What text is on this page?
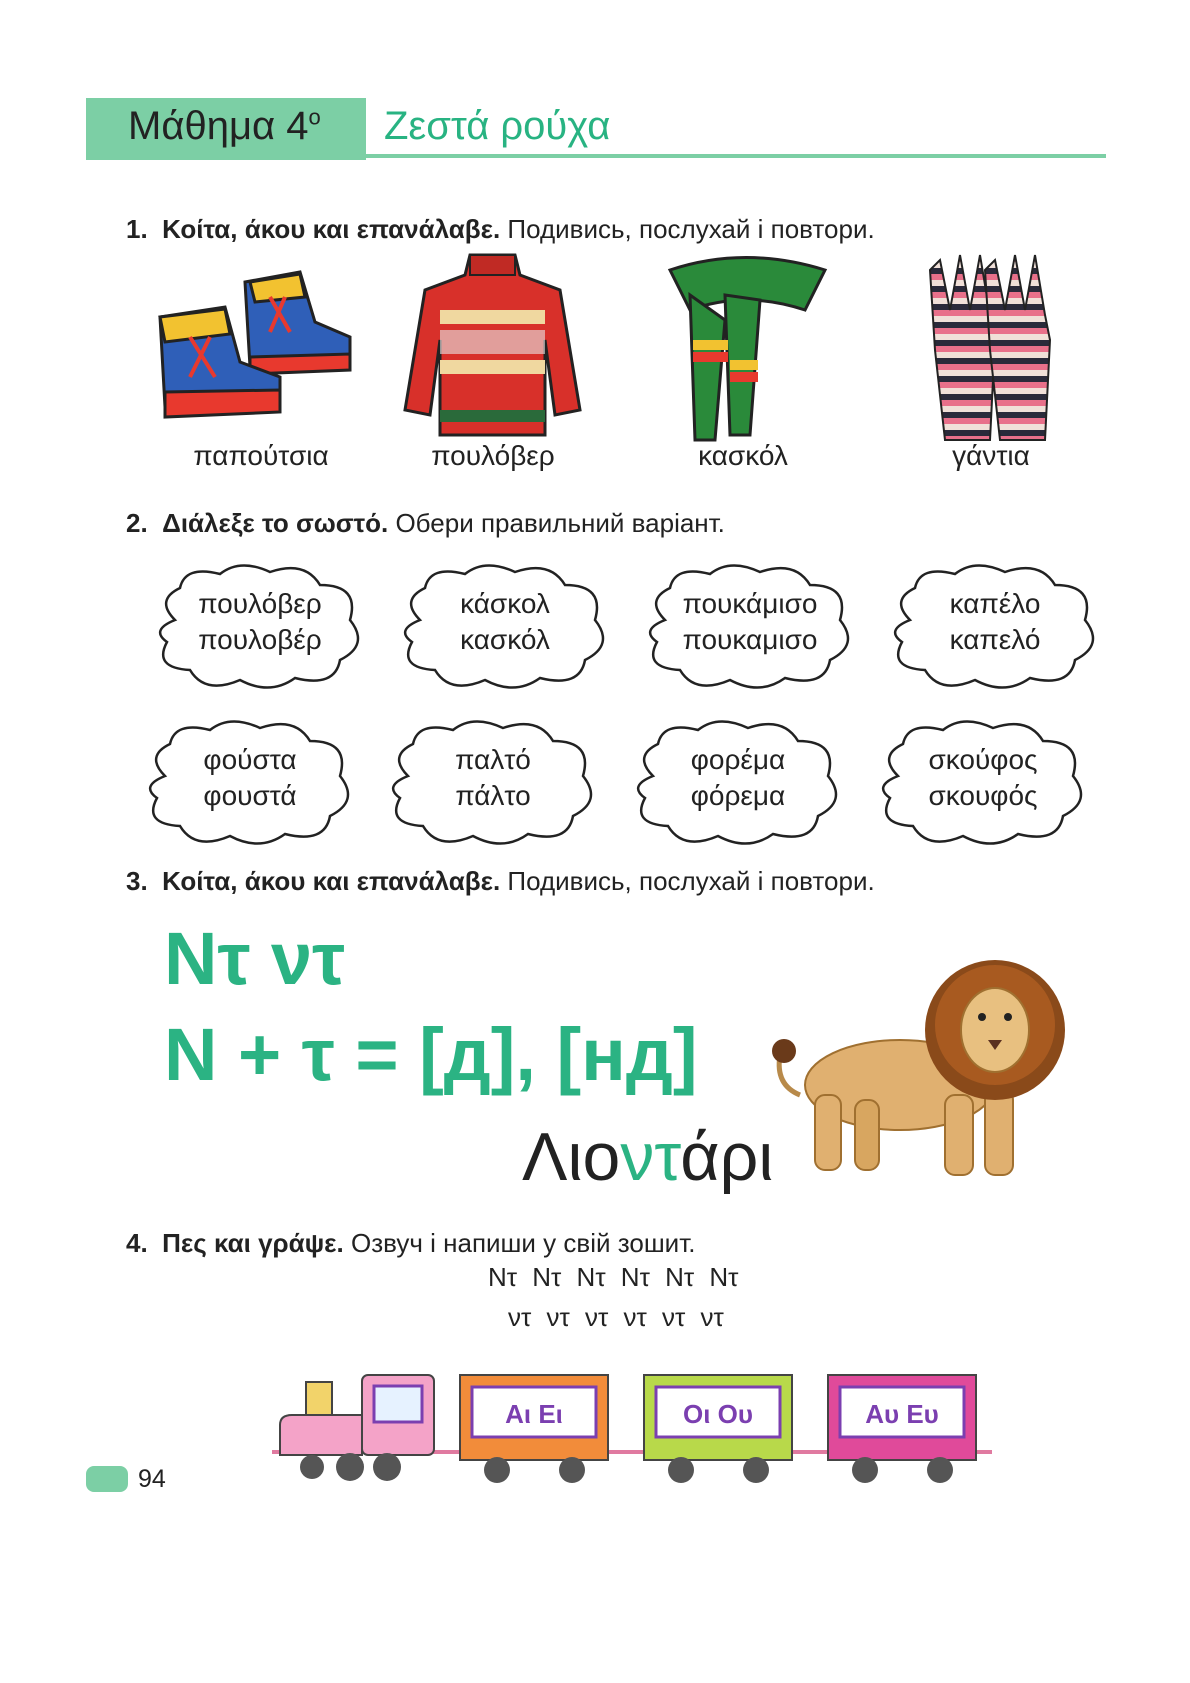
Μάθημα $4^o$ Ζεστά ρούχα
1. Κοίτα, άκου και επανάλαβε. Подивись, послухай і повтори.
παπούτσια	πουλόβερ	κασκόλ	γάντια
2. Διάλεξε το σωστό. Обери правильний варіант.
πουλόβερ
πουλοβέρ
κάσκολ
κασκόλ
πουκάμισο
πουκαμισο
καπέλο
καπελό
φούστα
φουστά
παλτό
πάλτο
φορέμα
φόρεμα
σκούφος
σκουφός
3. Κοίτα, άκου και επανάλαβε. Подивись, послухай і повтори.
Nτ ντ
N + τ = [д], [нд]
Λιοντάρι
4. Πες και γράψε. Озвуч і напиши у свій зошит.
Nτ Nτ Nτ Nτ Nτ Nτ
ντ ντ ντ ντ ντ ντ
Αι Ει	Οι Ου	Αυ Ευ
94
